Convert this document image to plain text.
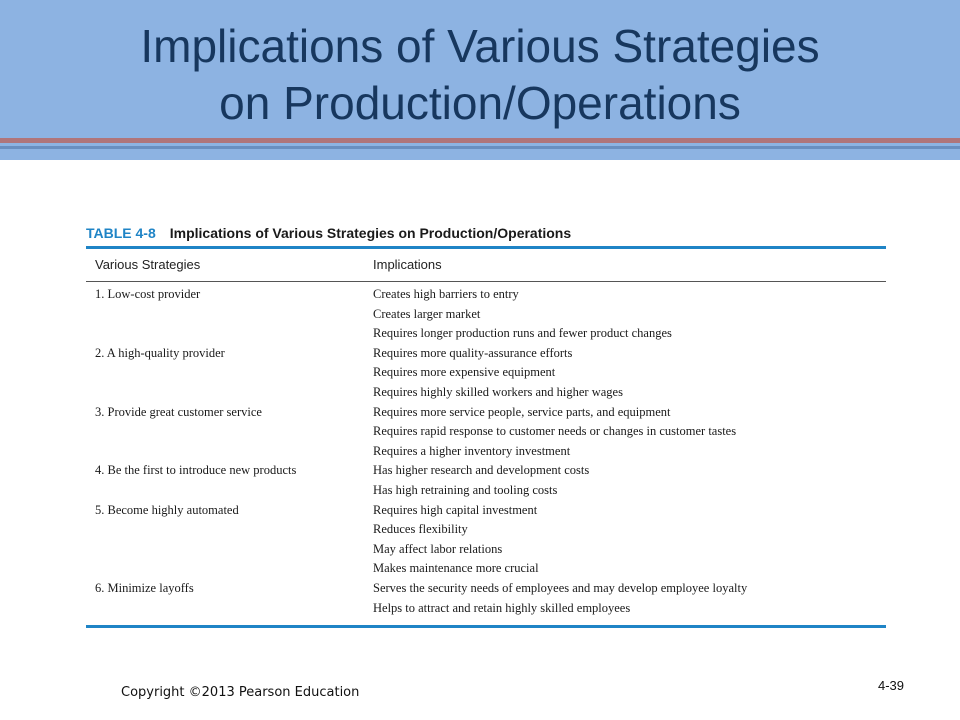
Implications of Various Strategies
on Production/Operations
TABLE 4-8 Implications of Various Strategies on Production/Operations
Various Strategies	Implications
1. Low-cost provider	Creates high barriers to entry
Creates larger market
Requires longer production runs and fewer product changes
2. A high-quality provider	Requires more quality-assurance efforts
Requires more expensive equipment
Requires highly skilled workers and higher wages
3. Provide great customer service	Requires more service people, service parts, and equipment
Requires rapid response to customer needs or changes in customer tastes
Requires a higher inventory investment
4. Be the first to introduce new products	Has higher research and development costs
Has high retraining and tooling costs
5. Become highly automated	Requires high capital investment
Reduces flexibility
May affect labor relations
Makes maintenance more crucial
6. Minimize layoffs	Serves the security needs of employees and may develop employee loyalty
Helps to attract and retain highly skilled employees
Copyright ©2013 Pearson Education	4-39
